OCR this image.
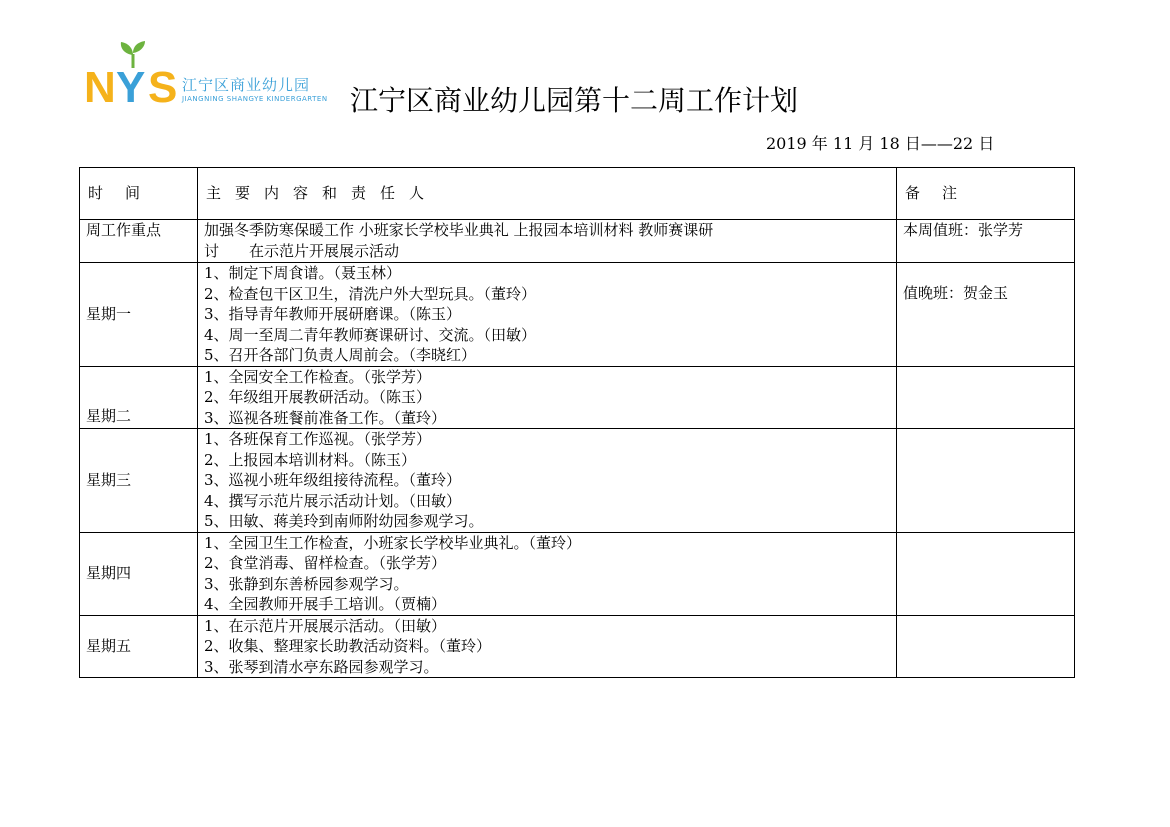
N Y S 江宁区商业幼儿园
JIANGNING SHANGYE KINDERGARTEN 江宁区商业幼儿园第十二周工作计划
2019 年 11 月 18 日——22 日
时间	主要内容和责任人	备注
周工作重点	加强冬季防寒保暖工作 小班家长学校毕业典礼 上报园本培训材料 教师赛课研
讨 在示范片开展展示活动	本周值班：张学芳
星期一	1、制定下周食谱。（聂玉林）
2、检查包干区卫生，清洗户外大型玩具。（董玲）
3、指导青年教师开展研磨课。（陈玉）
4、周一至周二青年教师赛课研讨、交流。（田敏）
5、召开各部门负责人周前会。（李晓红）	值晚班：贺金玉
星期二	1、全园安全工作检查。（张学芳）
2、年级组开展教研活动。（陈玉）
3、巡视各班餐前准备工作。（董玲）	

星期三	1、各班保育工作巡视。（张学芳）
2、上报园本培训材料。（陈玉）
3、巡视小班年级组接待流程。（董玲）
4、撰写示范片展示活动计划。（田敏）
5、田敏、蒋美玲到南师附幼园参观学习。	

星期四	1、全园卫生工作检查，小班家长学校毕业典礼。（董玲）
2、食堂消毒、留样检查。（张学芳）
3、张静到东善桥园参观学习。
4、全园教师开展手工培训。（贾楠）	

星期五	1、在示范片开展展示活动。（田敏）
2、收集、整理家长助教活动资料。（董玲）
3、张琴到清水亭东路园参观学习。	
